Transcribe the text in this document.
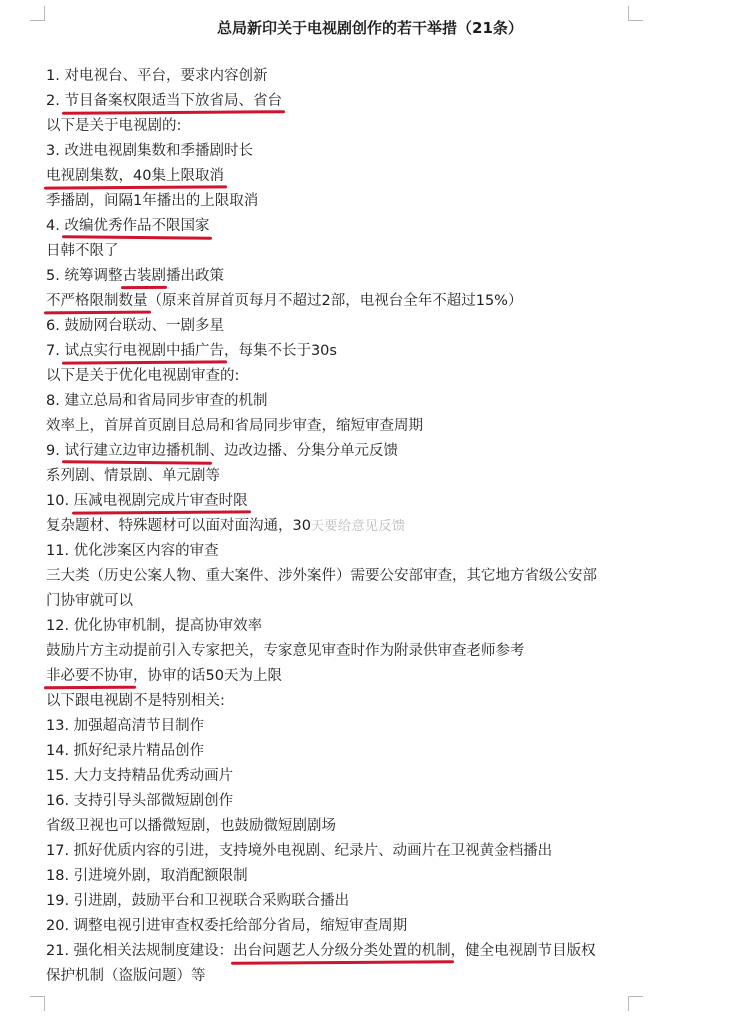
总局新印关于电视剧创作的若干举措（21条）
1. 对电视台、平台，要求内容创新
2. 节目备案权限适当下放省局、省台
以下是关于电视剧的:
3. 改进电视剧集数和季播剧时长
电视剧集数，40集上限取消
季播剧，间隔1年播出的上限取消
4. 改编优秀作品不限国家
日韩不限了
5. 统筹调整古装剧播出政策
不严格限制数量（原来首屏首页每月不超过2部，电视台全年不超过15%）
6. 鼓励网台联动、一剧多星
7. 试点实行电视剧中插广告，每集不长于30s
以下是关于优化电视剧审查的:
8. 建立总局和省局同步审查的机制
效率上，首屏首页剧目总局和省局同步审查，缩短审查周期
9. 试行建立边审边播机制、边改边播、分集分单元反馈
系列剧、情景剧、单元剧等
10. 压减电视剧完成片审查时限
复杂题材、特殊题材可以面对面沟通，30天要给意见反馈
11. 优化涉案区内容的审查
三大类（历史公案人物、重大案件、涉外案件）需要公安部审查，其它地方省级公安部
门协审就可以
12. 优化协审机制，提高协审效率
鼓励片方主动提前引入专家把关，专家意见审查时作为附录供审查老师参考
非必要不协审，协审的话50天为上限
以下跟电视剧不是特别相关:
13. 加强超高清节目制作
14. 抓好纪录片精品创作
15. 大力支持精品优秀动画片
16. 支持引导头部微短剧创作
省级卫视也可以播微短剧，也鼓励微短剧剧场
17. 抓好优质内容的引进，支持境外电视剧、纪录片、动画片在卫视黄金档播出
18. 引进境外剧，取消配额限制
19. 引进剧，鼓励平台和卫视联合采购联合播出
20. 调整电视引进审查权委托给部分省局，缩短审查周期
21. 强化相关法规制度建设：出台问题艺人分级分类处置的机制，健全电视剧节目版权
保护机制（盗版问题）等
